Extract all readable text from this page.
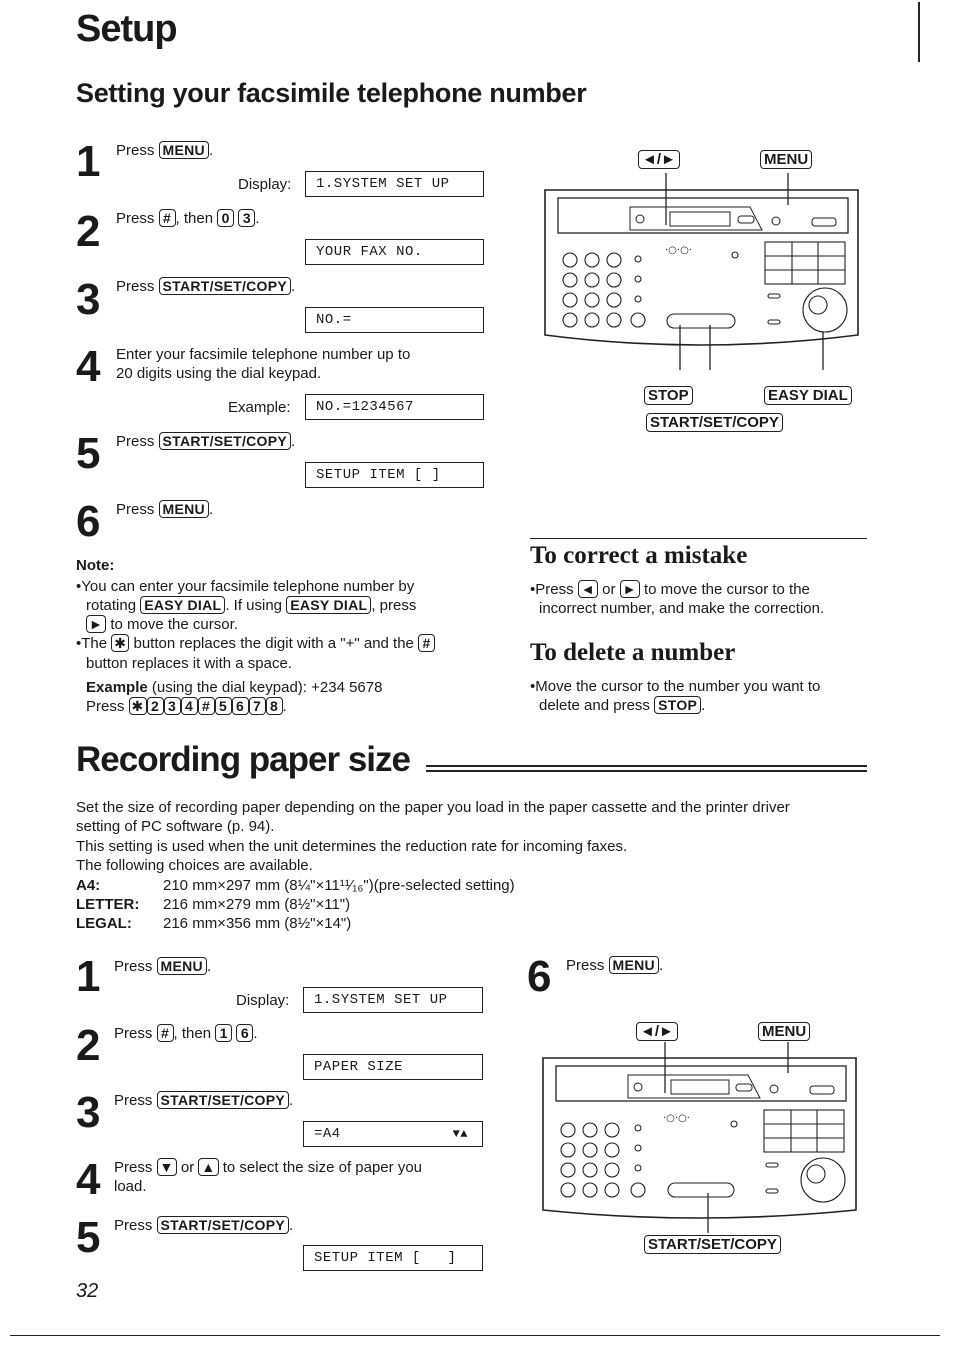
Setup
Setting your facsimile telephone number
1 Press MENU .
Display:	1.SYSTEM SET UP
2 Press # , then 0 3 .
YOUR FAX NO.
3 Press START/SET/COPY .
NO.=
4 Enter your facsimile telephone number up to
20 digits using the dial keypad.
Example:	NO.=1234567
5 Press START/SET/COPY .
SETUP ITEM [ ]
6 Press MENU .
Note:
•You can enter your facsimile telephone number by
rotating EASY DIAL . If using EASY DIAL , press
► to move the cursor.
•The ✱ button replaces the digit with a "+" and the #
button replaces it with a space.
Example (using the dial keypad): +234 5678
Press ✱ 2 3 4 # 5 6 7 8 .
◄/►	MENU
·○·○·
STOP	EASY DIAL
START/SET/COPY
To correct a mistake
•Press ◄ or ► to move the cursor to the
incorrect number, and make the correction.
To delete a number
•Move the cursor to the number you want to
delete and press STOP .
Recording paper size
Set the size of recording paper depending on the paper you load in the paper cassette and the printer driver
setting of PC software (p. 94).
This setting is used when the unit determines the reduction rate for incoming faxes.
The following choices are available.
A4:	210 mm×297 mm (8¼"×11¹¹⁄₁₆")(pre-selected setting)
LETTER: 216 mm×279 mm (8½"×11")
LEGAL: 216 mm×356 mm (8½"×14")
1 Press MENU .
Display:	1.SYSTEM SET UP
2 Press # , then 1 6 .
PAPER SIZE
3 Press START/SET/COPY .
=A4	▼▲
4 Press ▼ or ▲ to select the size of paper you
load.
5 Press START/SET/COPY .
SETUP ITEM [   ]
6 Press MENU .
◄/►	MENU
·○·○·
START/SET/COPY
32
